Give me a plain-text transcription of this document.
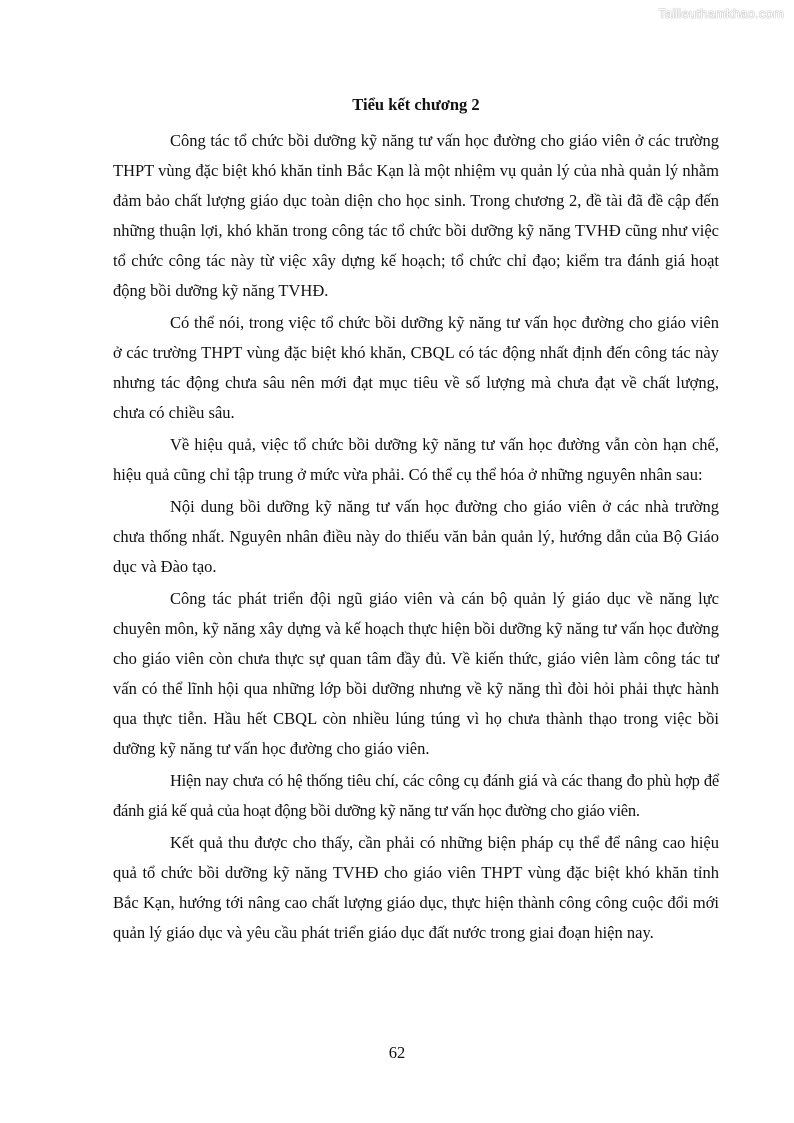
Tailieuthamkhao.com
Tiểu kết chương 2

Công tác tổ chức bồi dưỡng kỹ năng tư vấn học đường cho giáo viên ở các trường THPT vùng đặc biệt khó khăn tỉnh Bắc Kạn là một nhiệm vụ quản lý của nhà quản lý nhằm đảm bảo chất lượng giáo dục toàn diện cho học sinh. Trong chương 2, đề tài đã đề cập đến những thuận lợi, khó khăn trong công tác tổ chức bồi dưỡng kỹ năng TVHĐ cũng như việc tổ chức công tác này từ việc xây dựng kế hoạch; tổ chức chỉ đạo; kiểm tra đánh giá hoạt động bồi dưỡng kỹ năng TVHĐ.

Có thể nói, trong việc tổ chức bồi dưỡng kỹ năng tư vấn học đường cho giáo viên ở các trường THPT vùng đặc biệt khó khăn, CBQL có tác động nhất định đến công tác này nhưng tác động chưa sâu nên mới đạt mục tiêu về số lượng mà chưa đạt về chất lượng, chưa có chiều sâu.

Về hiệu quả, việc tổ chức bồi dưỡng kỹ năng tư vấn học đường vẫn còn hạn chế, hiệu quả cũng chỉ tập trung ở mức vừa phải. Có thể cụ thể hóa ở những nguyên nhân sau:

Nội dung bồi dưỡng kỹ năng tư vấn học đường cho giáo viên ở các nhà trường chưa thống nhất. Nguyên nhân điều này do thiếu văn bản quản lý, hướng dẫn của Bộ Giáo dục và Đào tạo.

Công tác phát triển đội ngũ giáo viên và cán bộ quản lý giáo dục về năng lực chuyên môn, kỹ năng xây dựng và kế hoạch thực hiện bồi dưỡng kỹ năng tư vấn học đường cho giáo viên còn chưa thực sự quan tâm đầy đủ. Về kiến thức, giáo viên làm công tác tư vấn có thể lĩnh hội qua những lớp bồi dưỡng nhưng về kỹ năng thì đòi hỏi phải thực hành qua thực tiễn. Hầu hết CBQL còn nhiều lúng túng vì họ chưa thành thạo trong việc bồi dưỡng kỹ năng tư vấn học đường cho giáo viên.

Hiện nay chưa có hệ thống tiêu chí, các công cụ đánh giá và các thang đo phù hợp để đánh giá kế quả của hoạt động bồi dưỡng kỹ năng tư vấn học đường cho giáo viên.

Kết quả thu được cho thấy, cần phải có những biện pháp cụ thể để nâng cao hiệu quả tổ chức bồi dưỡng kỹ năng TVHĐ cho giáo viên THPT vùng đặc biệt khó khăn tỉnh Bắc Kạn, hướng tới nâng cao chất lượng giáo dục, thực hiện thành công công cuộc đổi mới quản lý giáo dục và yêu cầu phát triển giáo dục đất nước trong giai đoạn hiện nay.

62
